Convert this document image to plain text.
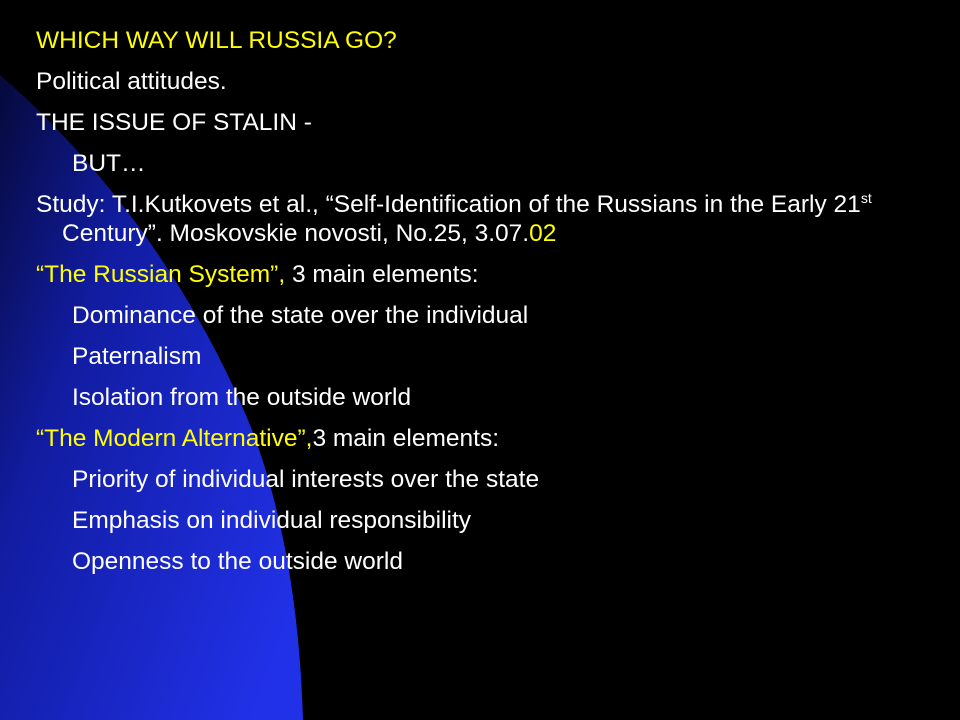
WHICH WAY WILL RUSSIA GO?
Political attitudes.
THE ISSUE OF STALIN -
BUT…
Study: T.I.Kutkovets et al., “Self-Identification of the Russians in the Early 21st Century”. Moskovskie novosti, No.25, 3.07.02
“The Russian System”, 3 main elements:
Dominance of the state over the individual
Paternalism
Isolation from the outside world
“The Modern Alternative”,3 main elements:
Priority of individual interests over the state
Emphasis on individual responsibility
Openness to the outside world
